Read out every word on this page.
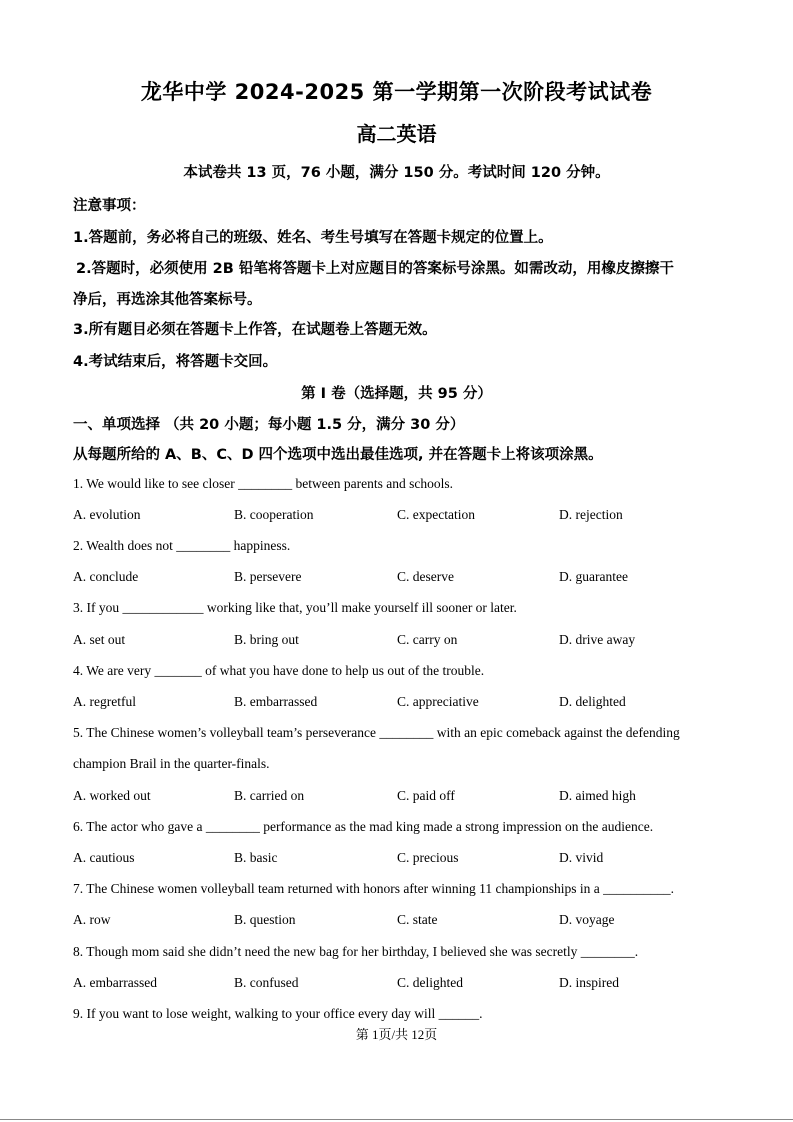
龙华中学 2024-2025 第一学期第一次阶段考试试卷
高二英语
本试卷共 13 页，76 小题，满分 150 分。考试时间 120 分钟。
注意事项：
1.答题前，务必将自己的班级、姓名、考生号填写在答题卡规定的位置上。
2.答题时，必须使用 2B 铅笔将答题卡上对应题目的答案标号涂黑。如需改动，用橡皮擦擦干
净后，再选涂其他答案标号。
3.所有题目必须在答题卡上作答，在试题卷上答题无效。
4.考试结束后，将答题卡交回。
第 I 卷（选择题，共 95 分）
一、单项选择 （共 20 小题；每小题 1.5 分，满分 30 分）
从每题所给的 A、B、C、D 四个选项中选出最佳选项, 并在答题卡上将该项涂黑。
1. We would like to see closer ________ between parents and schools.
A. evolution	B. cooperation	C. expectation	D. rejection
2. Wealth does not ________ happiness.
A. conclude	B. persevere	C. deserve	D. guarantee
3. If you ____________ working like that, you’ll make yourself ill sooner or later.
A. set out	B. bring out	C. carry on	D. drive away
4. We are very _______ of what you have done to help us out of the trouble.
A. regretful	B. embarrassed	C. appreciative	D. delighted
5. The Chinese women’s volleyball team’s perseverance ________ with an epic comeback against the defending
champion Brail in the quarter-finals.
A. worked out	B. carried on	C. paid off	D. aimed high
6. The actor who gave a ________ performance as the mad king made a strong impression on the audience.
A. cautious	B. basic	C. precious	D. vivid
7. The Chinese women volleyball team returned with honors after winning 11 championships in a __________.
A. row	B. question	C. state	D. voyage
8. Though mom said she didn’t need the new bag for her birthday, I believed she was secretly ________.
A. embarrassed	B. confused	C. delighted	D. inspired
9. If you want to lose weight, walking to your office every day will ______.
第 1页/共 12页
